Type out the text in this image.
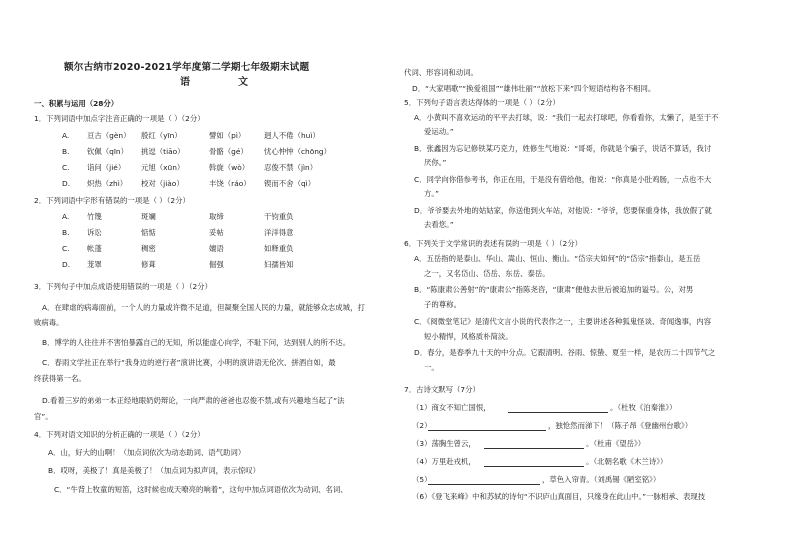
额尔古纳市2020-2021学年度第二学期七年级期末试题
语	文
一、积累与运用（28分）
1．下列词语中加点字注音正确的一项是（ ）（2分）
A. 亘古（gèn） 殷红（yīn）	譬如（pì）	迥人不倦（huì）
B. 钦佩（qīn） 挑逗（tiāo）	骨骼（gé） 忧心忡忡（chōng）
C. 诣问（jié） 元旭（xūn）	斡旋（wò） 忍俊不禁（jìn）
D. 炽热（zhì） 校对（jiào）	丰饶（ráo） 锲而不舍（qì）
2．下列词语中字形有错误的一项是（ ）（2分）
A. 竹篾	斑斓	取缔	干钧重负
B. 诉讼	惦惦	妥帖	洋洋得意
C. 帐蓬	稠密	嬗语	如释重负
D. 茏罩	修葺	倔强	妇孺皆知
3．下列句子中加点成语使用错误的一项是（ ）（2分）
A．在肆虐的病毒面前，一个人的力量或许微不足道，但凝聚全国人民的力量，就能够众志成城，打
败病毒。
B．博学的人往往并不害怕暴露自己的无知，所以能虚心向学，不耻下问，达到别人的所不达。
C．春雨文学社正在举行“我身边的逆行者”演讲比赛，小明的演讲语无伦次、拼酒自如，最
终获得第一名。
D.看着三岁的弟弟一本正经地眼奶奶辩论，一向严肃的爸爸也忍俊不禁,或有兴趣地当起了“法
官”。
4．下列对语文知识的分析正确的一项是（ ）（2分）
A．山，好大的山啊！（加点词依次为动态助词、语气助词）
B．哎呀，美极了！真是美极了！（加点词为拟声词，表示惊叹）
C．“牛背上牧童的短笛，这时候也成天嘹亮的响着”，这句中加点词语依次为动词、名词、
代词、形容词和动词。
D．“大家唱歌”“换爱祖国”“雄伟壮丽”“放松下来”四个短语结构各不相同。
5．下列句子语言表达得体的一项是（ ）（2分）
A．小黄叫不喜欢运动的平平去打球，说：“我们一起去打球吧，你看看你，太懒了，是至于不
爱运动。”
B．张鑫因为忘记修铁某巧克力，姓修生气地说：“哥哥，你就是个骗子，说话不算话，我讨
厌你。”
C．同学向你借参考书，你正在用，于是没有借给他，他说：“你真是小肚鸡肠，一点也不大
方。”
D．爷爷要去外地的姑姑家，你送他到火车站，对他说：“爷爷，您要保重身体，我放假了就
去看您。”
6．下列关于文学常识的表述有误的一项是（ ）（2分）
A．五岳指的是泰山、华山、嵩山、恒山、衡山。“岱宗夫如何”的“岱宗”指泰山，是五岳
之一，又名岱山、岱岳、东岳、泰岳。
B．“陈康肃公善射”的“康肃公”指陈尧咨，“康肃”便他去世后被追加的谥号。公，对男
子的尊称。
C．《阅微堂笔记》是清代文言小说的代表作之一，主要讲述各种狐鬼怪谈、奇闻逸事，内容
短小精悍，风格质朴简淡。
D．春分，是春季九十天的中分点。它跟清明、谷雨、惊蛰、夏至一样，是农历二十四节气之
一。
7．古诗文默写（7分）
（1）商女不知亡国恨，	。（杜牧《泊秦淮》）
（2）	，独怆然而涕下！（陈子昂《登幽州台歌》）
（3）荡胸生曾云，	。（杜甫《望岳》）
（4）万里赴戎机，	。（北朝名歌《木兰诗》）
（5）	，草色入帘青。（刘禹锡《陋室铭》）
（6）《登飞来峰》中和苏轼的诗句“不识庐山真面目，只缘身在此山中。”一脉相承、表现技
